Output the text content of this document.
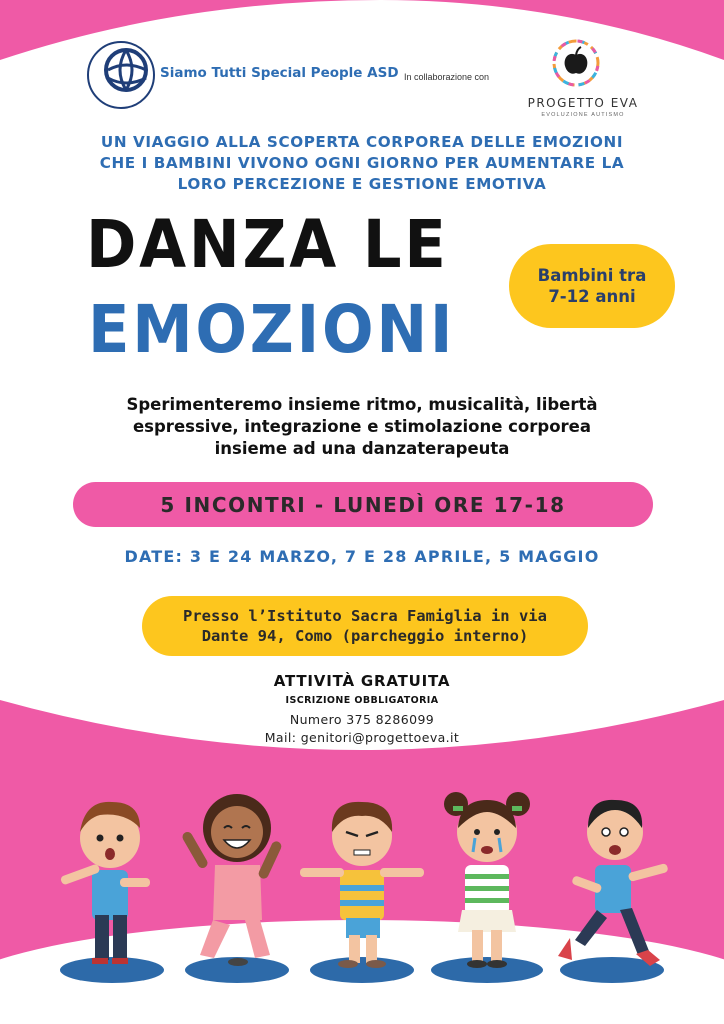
Siamo Tutti Special People ASD In collaborazione con
PROGETTO EVA
EVOLUZIONE AUTISMO
UN VIAGGIO ALLA SCOPERTA CORPOREA DELLE EMOZIONI
CHE I BAMBINI VIVONO OGNI GIORNO PER AUMENTARE LA
LORO PERCEZIONE E GESTIONE EMOTIVA
DANZA LE
EMOZIONI
Bambini tra
7-12 anni
Sperimenteremo insieme ritmo, musicalità, libertà
espressive, integrazione e stimolazione corporea
insieme ad una danzaterapeuta
5 INCONTRI - LUNEDÌ ORE 17-18
DATE: 3 E 24 MARZO, 7 E 28 APRILE, 5 MAGGIO
Presso l’Istituto Sacra Famiglia in via
Dante 94, Como (parcheggio interno)
ATTIVITÀ GRATUITA
ISCRIZIONE OBBLIGATORIA
Numero 375 8286099
Mail: genitori@progettoeva.it
